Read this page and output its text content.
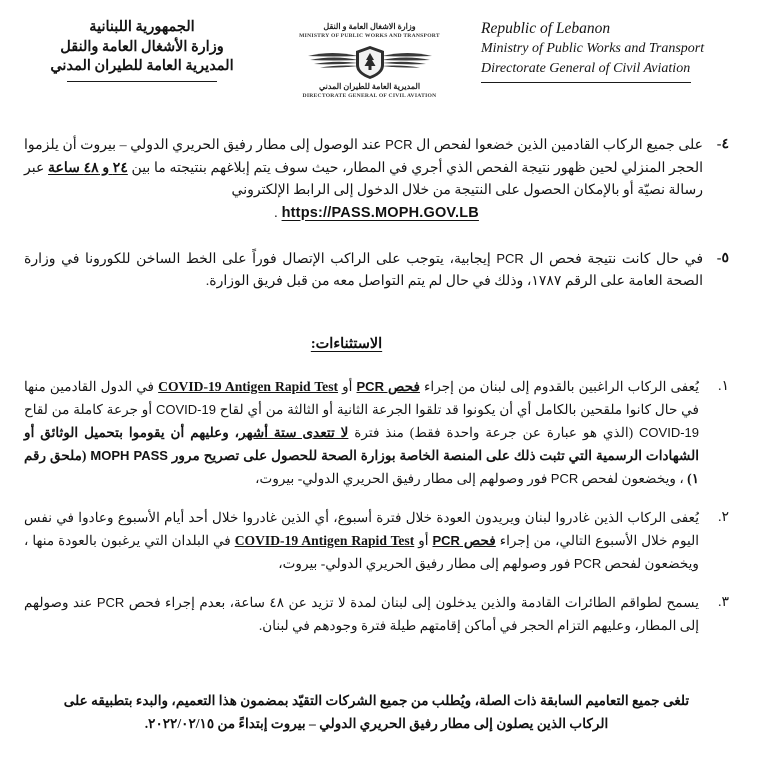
الجمهورية اللبنانية
وزارة الأشغال العامة والنقل
المديرية العامة للطيران المدني
وزارة الاشغال العامة و النقل
MINISTRY OF PUBLIC WORKS AND TRANSPORT
المديرية العامة للطيران المدني
DIRECTORATE GENERAL OF CIVIL AVIATION
Republic of Lebanon
Ministry of Public Works and Transport
Directorate General of Civil Aviation
٤-
على جميع الركاب القادمين الذين خضعوا لفحص ال PCR عند الوصول إلى مطار رفيق الحريري الدولي – بيروت أن يلزموا الحجر المنزلي لحين ظهور نتيجة الفحص الذي أجري في المطار، حيث سوف يتم إبلاغهم بنتيجته ما بين ٢٤ و ٤٨ ساعة عبر رسالة نصيّة أو بالإمكان الحصول على النتيجة من خلال الدخول إلى الرابط الإلكتروني
. https://PASS.MOPH.GOV.LB
٥-
في حال كانت نتيجة فحص ال PCR إيجابية، يتوجب على الراكب الإتصال فوراً على الخط الساخن للكورونا في وزارة الصحة العامة على الرقم ١٧٨٧، وذلك في حال لم يتم التواصل معه من قبل فريق الوزارة.
الاستثناءات:
١.
يُعفى الركاب الراغبين بالقدوم إلى لبنان من إجراء فحص PCR أو COVID-19 Antigen Rapid Test في الدول القادمين منها في حال كانوا ملقحين بالكامل أي أن يكونوا قد تلقوا الجرعة الثانية أو الثالثة من أي لقاح COVID-19 أو جرعة كاملة من لقاح COVID-19 (الذي هو عبارة عن جرعة واحدة فقط) منذ فترة لا تتعدى ستة أشهر، وعليهم أن يقوموا بتحميل الوثائق أو الشهادات الرسمية التي تثبت ذلك على المنصة الخاصة بوزارة الصحة للحصول على تصريح مرور MOPH PASS (ملحق رقم ١) ، ويخضعون لفحص PCR فور وصولهم إلى مطار رفيق الحريري الدولي- بيروت،
٢.
يُعفى الركاب الذين غادروا لبنان ويريدون العودة خلال فترة أسبوع، أي الذين غادروا خلال أحد أيام الأسبوع وعادوا في نفس اليوم خلال الأسبوع التالي، من إجراء فحص PCR أو COVID-19 Antigen Rapid Test في البلدان التي يرغبون بالعودة منها ، ويخضعون لفحص PCR فور وصولهم إلى مطار رفيق الحريري الدولي- بيروت،
٣.
يسمح لطواقم الطائرات القادمة والذين يدخلون إلى لبنان لمدة لا تزيد عن ٤٨ ساعة، بعدم إجراء فحص PCR عند وصولهم إلى المطار، وعليهم التزام الحجر في أماكن إقامتهم طيلة فترة وجودهم في لبنان.
تلغى جميع التعاميم السابقة ذات الصلة، ويُطلب من جميع الشركات التقيّد بمضمون هذا التعميم، والبدء بتطبيقه على
الركاب الذين يصلون إلى مطار رفيق الحريري الدولي – بيروت إبتداءً من ٢٠٢٢/٠٢/١٥.
